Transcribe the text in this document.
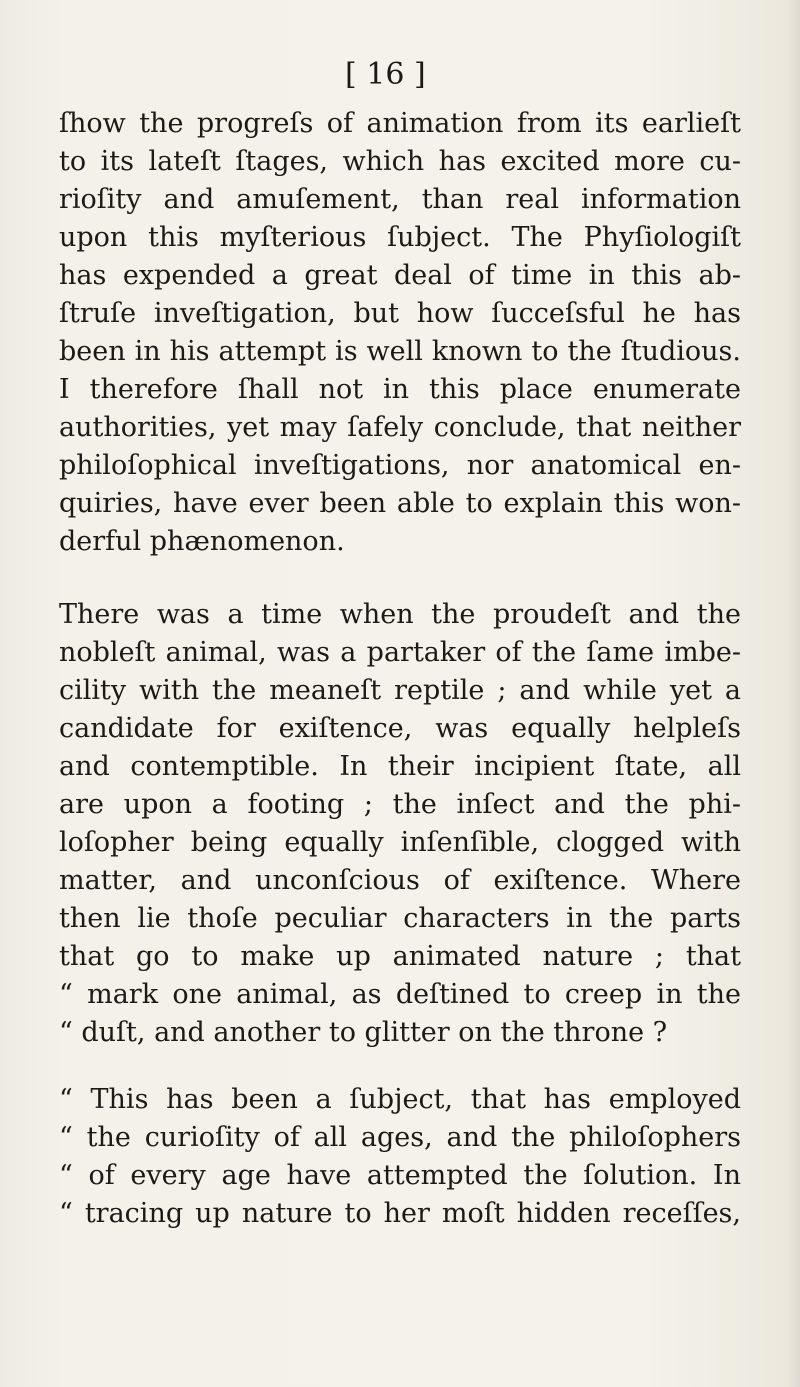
[ 16 ]
ſhow the progreſs of animation from its earlieſt
to its lateſt ſtages, which has excited more cu-
rioſity and amuſement, than real information
upon this myſterious ſubject. The Phyſiologiſt
has expended a great deal of time in this ab-
ſtruſe inveſtigation, but how ſucceſsful he has
been in his attempt is well known to the ſtudious.
I therefore ſhall not in this place enumerate
authorities, yet may ſafely conclude, that neither
philoſophical inveſtigations, nor anatomical en-
quiries, have ever been able to explain this won-
derful phænomenon.
There was a time when the proudeſt and the
nobleſt animal, was a partaker of the ſame imbe-
cility with the meaneſt reptile ; and while yet a
candidate for exiſtence, was equally helpleſs
and contemptible. In their incipient ſtate, all
are upon a footing ; the inſect and the phi-
loſopher being equally inſenſible, clogged with
matter, and unconſcious of exiſtence. Where
then lie thoſe peculiar characters in the parts
that go to make up animated nature ; that
“ mark one animal, as deſtined to creep in the
“ duſt, and another to glitter on the throne ?
“ This has been a ſubject, that has employed
“ the curioſity of all ages, and the philoſophers
“ of every age have attempted the ſolution. In
“ tracing up nature to her moſt hidden receſſes,
